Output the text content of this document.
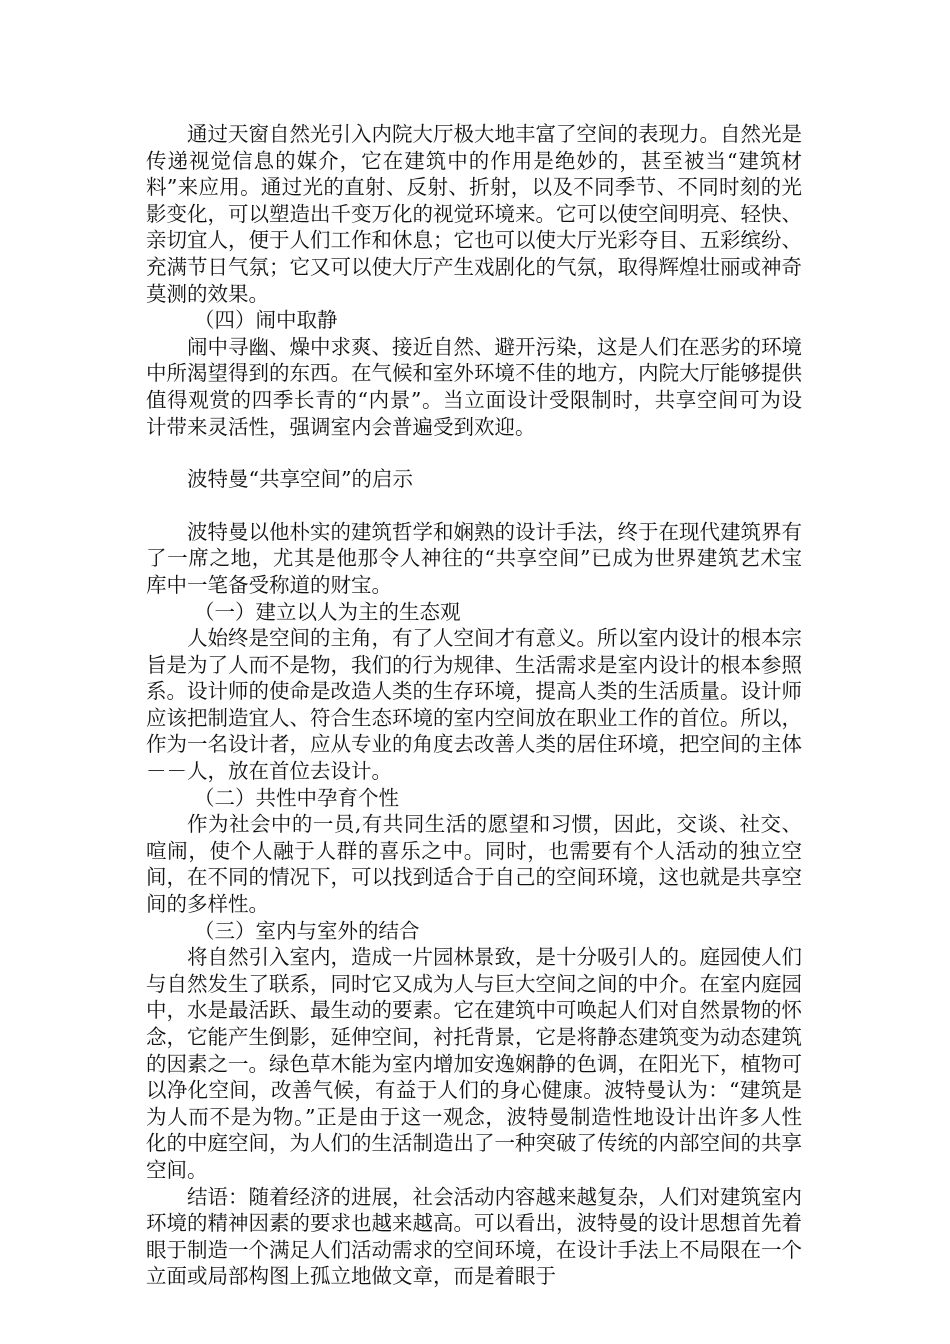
通过天窗自然光引入内院大厅极大地丰富了空间的表现力。自然光是传递视觉信息的媒介，它在建筑中的作用是绝妙的，甚至被当“建筑材料”来应用。通过光的直射、反射、折射，以及不同季节、不同时刻的光影变化，可以塑造出千变万化的视觉环境来。它可以使空间明亮、轻快、亲切宜人，便于人们工作和休息；它也可以使大厅光彩夺目、五彩缤纷、充满节日气氛；它又可以使大厅产生戏剧化的气氛，取得辉煌壮丽或神奇莫测的效果。

（四）闹中取静

闹中寻幽、燥中求爽、接近自然、避开污染，这是人们在恶劣的环境中所渴望得到的东西。在气候和室外环境不佳的地方，内院大厅能够提供值得观赏的四季长青的“内景”。当立面设计受限制时，共享空间可为设计带来灵活性，强调室内会普遍受到欢迎。

波特曼“共享空间”的启示

波特曼以他朴实的建筑哲学和娴熟的设计手法，终于在现代建筑界有了一席之地，尤其是他那令人神往的“共享空间”已成为世界建筑艺术宝库中一笔备受称道的财宝。

（一）建立以人为主的生态观

人始终是空间的主角，有了人空间才有意义。所以室内设计的根本宗旨是为了人而不是物，我们的行为规律、生活需求是室内设计的根本参照系。设计师的使命是改造人类的生存环境，提高人类的生活质量。设计师应该把制造宜人、符合生态环境的室内空间放在职业工作的首位。所以，作为一名设计者，应从专业的角度去改善人类的居住环境，把空间的主体－－人，放在首位去设计。

（二）共性中孕育个性

作为社会中的一员,有共同生活的愿望和习惯，因此，交谈、社交、喧闹，使个人融于人群的喜乐之中。同时，也需要有个人活动的独立空间，在不同的情况下，可以找到适合于自己的空间环境，这也就是共享空间的多样性。

（三）室内与室外的结合

将自然引入室内，造成一片园林景致，是十分吸引人的。庭园使人们与自然发生了联系，同时它又成为人与巨大空间之间的中介。在室内庭园中，水是最活跃、最生动的要素。它在建筑中可唤起人们对自然景物的怀念，它能产生倒影，延伸空间，衬托背景，它是将静态建筑变为动态建筑的因素之一。绿色草木能为室内增加安逸娴静的色调，在阳光下，植物可以净化空间，改善气候，有益于人们的身心健康。波特曼认为：“建筑是为人而不是为物。”正是由于这一观念，波特曼制造性地设计出许多人性化的中庭空间，为人们的生活制造出了一种突破了传统的内部空间的共享空间。

结语：随着经济的进展，社会活动内容越来越复杂，人们对建筑室内环境的精神因素的要求也越来越高。可以看出，波特曼的设计思想首先着眼于制造一个满足人们活动需求的空间环境，在设计手法上不局限在一个立面或局部构图上孤立地做文章，而是着眼于
